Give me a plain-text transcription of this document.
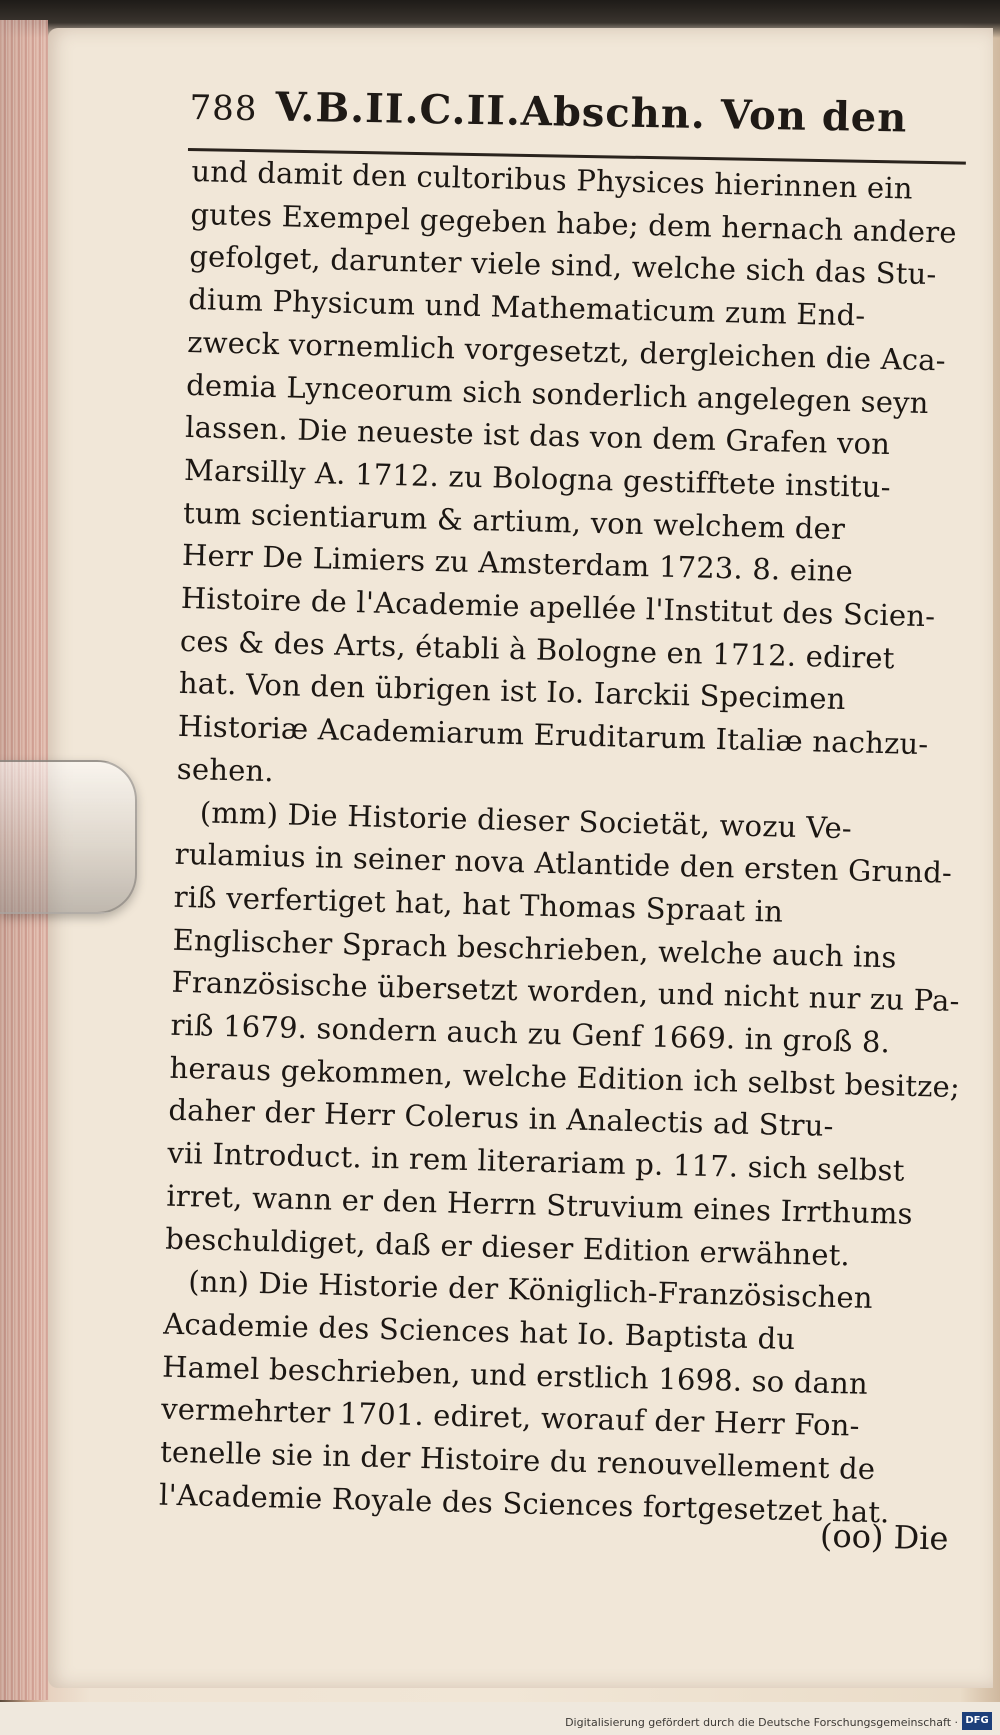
788 V.B.II.C.II.Abschn. Von den
und damit den cultoribus Physices hierinnen ein
gutes Exempel gegeben habe; dem hernach andere
gefolget, darunter viele sind, welche sich das Stu-
dium Physicum und Mathematicum zum End-
zweck vornemlich vorgesetzt, dergleichen die Aca-
demia Lynceorum sich sonderlich angelegen seyn
lassen. Die neueste ist das von dem Grafen von
Marsilly A. 1712. zu Bologna gestifftete institu-
tum scientiarum & artium, von welchem der
Herr De Limiers zu Amsterdam 1723. 8. eine
Histoire de l'Academie apellée l'Institut des Scien-
ces & des Arts, établi à Bologne en 1712. ediret
hat. Von den übrigen ist Io. Iarckii Specimen
Historiæ Academiarum Eruditarum Italiæ nachzu-
sehen.
(mm) Die Historie dieser Societät, wozu Ve-
rulamius in seiner nova Atlantide den ersten Grund-
riß verfertiget hat, hat Thomas Spraat in
Englischer Sprach beschrieben, welche auch ins
Französische übersetzt worden, und nicht nur zu Pa-
riß 1679. sondern auch zu Genf 1669. in groß 8.
heraus gekommen, welche Edition ich selbst besitze;
daher der Herr Colerus in Analectis ad Stru-
vii Introduct. in rem literariam p. 117. sich selbst
irret, wann er den Herrn Struvium eines Irrthums
beschuldiget, daß er dieser Edition erwähnet.
(nn) Die Historie der Königlich-Französischen
Academie des Sciences hat Io. Baptista du
Hamel beschrieben, und erstlich 1698. so dann
vermehrter 1701. ediret, worauf der Herr Fon-
tenelle sie in der Histoire du renouvellement de
l'Academie Royale des Sciences fortgesetzet hat.
(oo) Die
Digitalisierung gefördert durch die Deutsche Forschungsgemeinschaft · DFG
